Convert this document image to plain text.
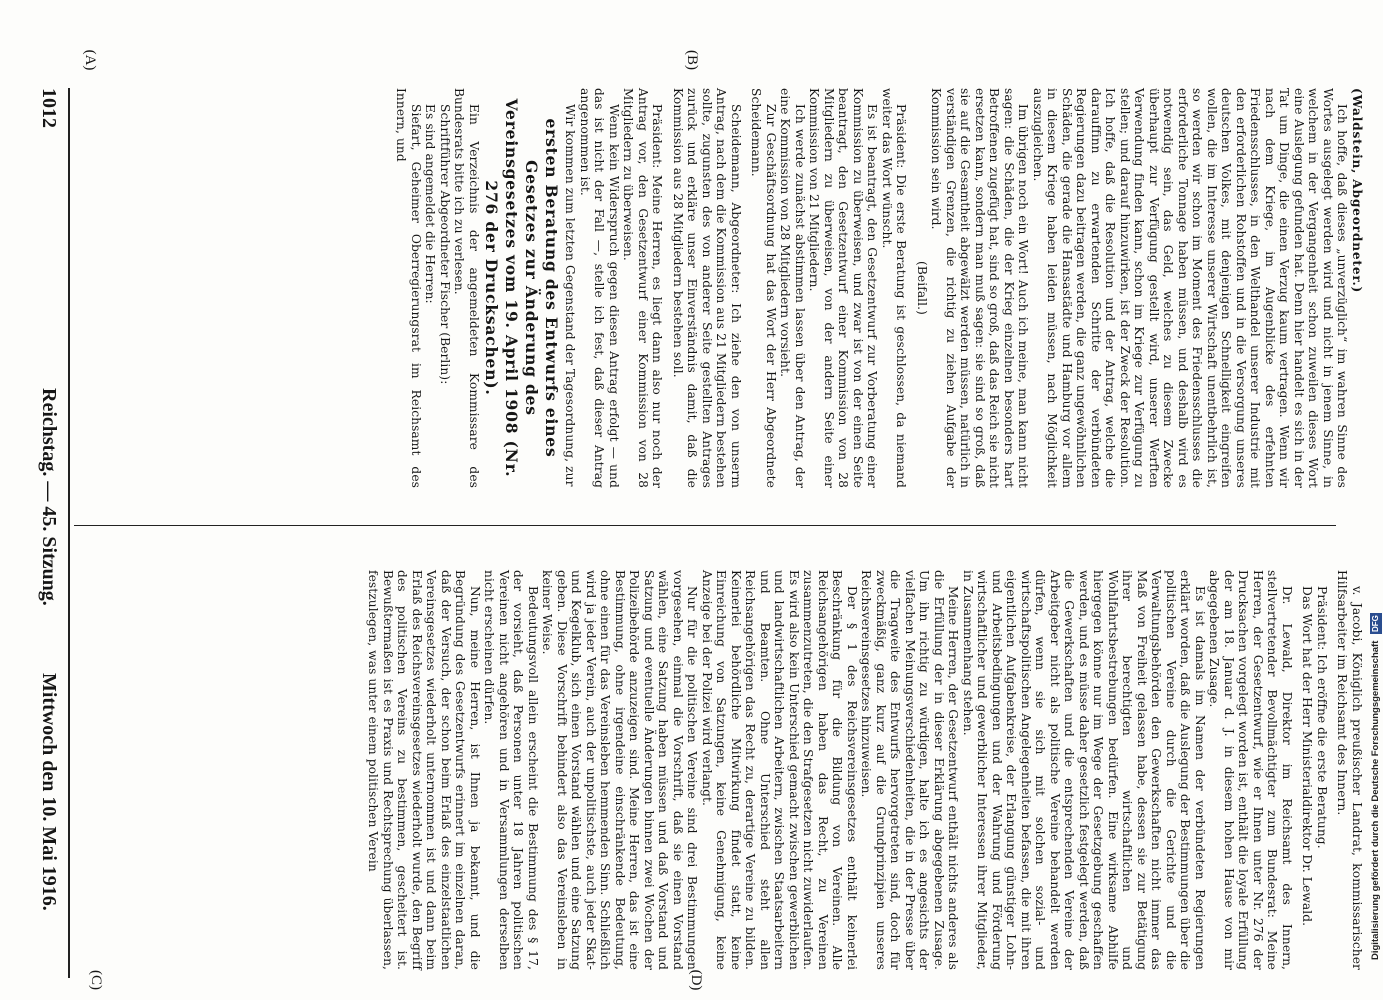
1012
Reichstag. — 45. Sitzung.
Mittwoch den 10. Mai 1916.
(A)	(B)
(C)	(D)

(Waldstein, Abgeordneter.)

Ich hoffe, daß dieses „unverzüglich“ im wahren Sinne des Wortes ausgelegt werden wird und nicht in jenem Sinne, in welchem in der Vergangenheit schon zuweilen dieses Wort eine Auslegung gefunden hat. Denn hier handelt es sich in der Tat um Dinge, die einen Verzug kaum vertragen. Wenn wir nach dem Kriege, im Augenblicke des erfehnten Friedensschlusses, in den Welthandel unserer Industrie mit den erforderlichen Rohstoffen und in die Versorgung unseres deutschen Volkes, mit denjenigen Schnelligkeit eingreifen wollen, die im Interesse unserer Wirtschaft unentbehrlich ist, so werden wir schon im Moment des Friedensschlusses die erforderliche Tonnage haben müssen, und deshalb wird es notwendig sein, das Geld, welches zu diesem Zwecke überhaupt zur Verfügung gestellt wird, unserer Werften Verwendung finden kann, schon im Kriege zur Verfügung zu stellen; und darauf hinzuwirken, ist der Zweck der Resolution. Ich hoffe, daß die Resolution und der Antrag, welche die darauffinn zu erwartenden Schritte der verbündeten Regierungen dazu beitragen werden, die ganz ungewöhnlichen Schäden, die gerade die Hansastädte und Hamburg vor allem in diesem Kriege haben leiden müssen, nach Möglichkeit auszugleichen.

Im übrigen noch ein Wort! Auch ich meine, man kann nicht sagen: die Schäden, die der Krieg einzelnen besonders hart Betroffenen zugefügt hat, sind so groß, daß das Reich sie nicht ersetzen kann, sondern man muß sagen: sie sind so groß, daß sie auf die Gesamtheit abgewälzt werden müssen, natürlich in verständigen Grenzen, die richtig zu ziehen Aufgabe der Kommission sein wird.

(Beifall.)

Präsident: Die erste Beratung ist geschlossen, da niemand weiter das Wort wünscht.

Es ist beantragt, den Gesetzentwurf zur Vorberatung einer Kommission zu überweisen, und zwar ist von der einen Seite beantragt, den Gesetzentwurf einer Kommission von 28 Mitgliedern zu überweisen, von der andern Seite einer Kommission von 21 Mitgliedern.

Ich werde zunächst abstimmen lassen über den Antrag, der eine Kommission von 28 Mitgliedern vorsieht.

Zur Geschäftsordnung hat das Wort der Herr Abgeordnete Scheidemann.

Scheidemann, Abgeordneter: Ich ziehe den von unserm Antrag, nach dem die Kommission aus 21 Mitgliedern bestehen sollte, zugunsten des von anderer Seite gestellten Antrages zurück und erkläre unser Einverständnis damit, daß die Kommission aus 28 Mitgliedern bestehen soll.

Präsident: Meine Herren, es liegt dann also nur noch der Antrag vor, den Gesetzentwurf einer Kommission von 28 Mitgliedern zu überweisen.

Wenn kein Widerspruch gegen diesen Antrag erfolgt — und das ist nicht der Fall —, stelle ich fest, daß dieser Antrag angenommen ist.

Wir kommen zum letzten Gegenstand der Tagesordnung, zur

ersten Beratung des Entwurfs eines Gesetzes zur Änderung des Vereinsgesetzes vom 19. April 1908 (Nr. 276 der Drucksachen).

Ein Verzeichnis der angemeldeten Kommissare des Bundesrats bitte ich zu verlesen.

Schriftführer Abgeordneter Fischer (Berlin):

Es sind angemeldet die Herren:

Siefart, Geheimer Oberregierungsrat im Reichsamt des Innern, und

v. Jacobi, Königlich preußischer Landrat, kommissarischer Hilfsarbeiter im Reichsamt des Innern.

Präsident: Ich eröffne die erste Beratung.

Das Wort hat der Herr Ministerialdirektor Dr. Lewald.

Dr. Lewald, Direktor im Reichsamt des Innern, stellvertretender Bevollmächtigter zum Bundesrat: Meine Herren, der Gesetzentwurf, wie er Ihnen unter Nr. 276 der Drucksachen vorgelegt worden ist, enthält die loyale Erfüllung der am 18. Januar d. J. in diesem hohen Hause von mir abgegebenen Zusage.

Es ist damals im Namen der verbündeten Regierungen erklärt worden, daß die Auslegung der Bestimmungen über die politischen Vereine durch die Gerichte und die Verwaltungsbehörden den Gewerkschaften nicht immer das Maß von Freiheit gelassen habe, dessen sie zur Betätigung ihrer berechtigten wirtschaftlichen und Wohlfahrtsbestrebungen bedürfen. Eine wirksame Abhilfe hiergegen könne nur im Wege der Gesetzgebung geschaffen werden, und es müsse daher gesetzlich festgelegt werden, daß die Gewerkschaften und die entsprechenden Vereine der Arbeitgeber nicht als politische Vereine behandelt werden dürfen, wenn sie sich mit solchen sozial- und wirtschaftspolitischen Angelegenheiten befassen, die mit ihren eigentlichen Aufgabenkreise, der Erlangung günstiger Lohn- und Arbeitsbedingungen und der Wahrung und Förderung wirtschaftlicher und gewerblicher Interessen ihrer Mitglieder, in Zusammenhang stehen.

Meine Herren, der Gesetzentwurf enthält nichts anderes als die Erfüllung der in dieser Erklärung abgegebenen Zusage. Um ihn richtig zu würdigen, halte ich es angesichts der vielfachen Meinungsverschiedenheiten, die in der Presse über die Tragweite des Entwurfs hervorgetreten sind, doch für zweckmäßig, ganz kurz auf die Grundprinzipien unseres Reichsvereinsgesetzes hinzuweisen.

Der § 1 des Reichsvereinsgesetzes enthält keinerlei Beschränkung für die Bildung von Vereinen. Alle Reichsangehörigen haben das Recht, zu Vereinen zusammenzutreten, die den Strafgesetzen nicht zuwiderlaufen. Es wird also kein Unterschied gemacht zwischen gewerblichen und landwirtschaftlichen Arbeitern, zwischen Staatsarbeitern und Beamten. Ohne Unterschied steht allen Reichsangehörigen das Recht zu, derartige Vereine zu bilden. Keinerlei behördliche Mitwirkung findet statt, keine Einreichung von Satzungen, keine Genehmigung, keine Anzeige bei der Polizei wird verlangt.

Nur für die politischen Vereine sind drei Bestimmungen vorgesehen, einmal die Vorschrift, daß sie einen Vorstand wählen, eine Satzung haben müssen und daß Vorstand und Satzung und eventuelle Änderungen binnen zwei Wochen der Polizeibehörde anzuzeigen sind. Meine Herren, das ist eine Bestimmung, ohne irgendeine einschränkende Bedeutung, ohne einen für das Vereinsleben hemmenden Sinn. Schließlich wird ja jeder Verein, auch der unpolitischste, auch jeder Skat- und Kegelklub, sich einen Vorstand wählen und eine Satzung geben. Diese Vorschrift behindert also das Vereinsleben in keiner Weise.

Bedeutungsvoll allein erscheint die Bestimmung des § 17, der vorsieht, daß Personen unter 18 Jahren politischen Vereinen nicht angehören und in Versammlungen derselben nicht erscheinen dürfen.

Nun, meine Herren, ist Ihnen ja bekannt, und die Begründung des Gesetzentwurfs erinnert im einzelnen daran, daß der Versuch, der schon beim Erlaß des einzelstaatlichen Vereinsgesetzes wiederholt unternommen ist und dann beim Erlaß des Reichsvereinsgesetzes wiederholt wurde, den Begriff des politischen Vereins zu bestimmen, gescheitert ist. Bewußtermaßen ist es Praxis und Rechtsprechung überlassen, festzulegen, was unter einem politischen Verein	Digitalisierung gefördert durch die Deutsche Forschungsgemeinschaft DFG
